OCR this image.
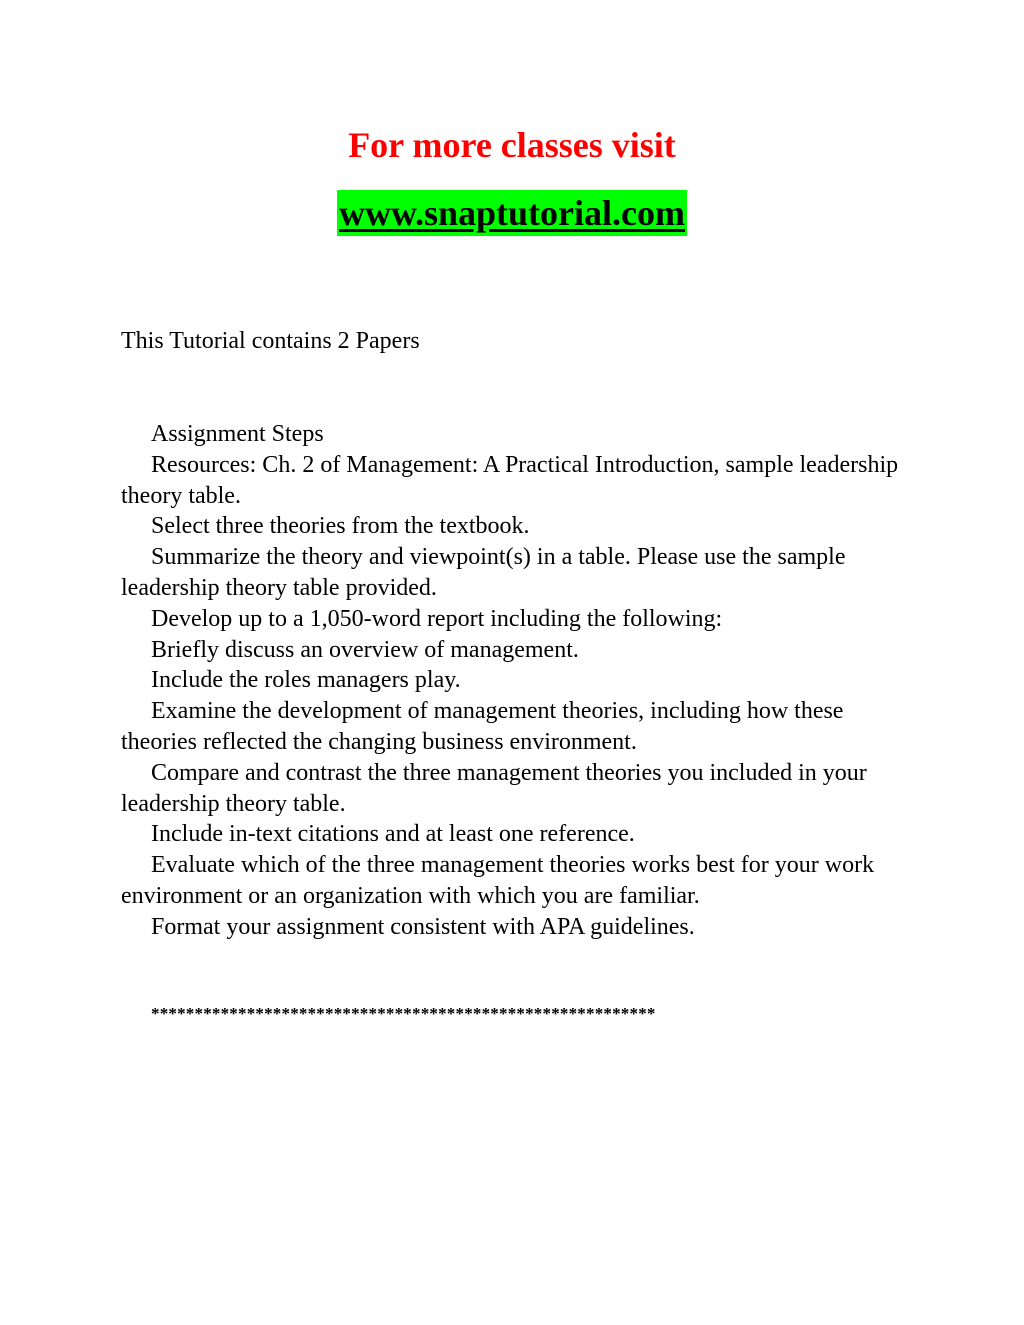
For more classes visit
www.snaptutorial.com

This Tutorial contains 2 Papers

Assignment Steps

Resources: Ch. 2 of Management: A Practical Introduction, sample leadership theory table.

Select three theories from the textbook.

Summarize the theory and viewpoint(s) in a table. Please use the sample leadership theory table provided.

Develop up to a 1,050-word report including the following:

Briefly discuss an overview of management.

Include the roles managers play.

Examine the development of management theories, including how these theories reflected the changing business environment.

Compare and contrast the three management theories you included in your leadership theory table.

Include in-text citations and at least one reference.

Evaluate which of the three management theories works best for your work environment or an organization with which you are familiar.

Format your assignment consistent with APA guidelines.

**********************************************************
